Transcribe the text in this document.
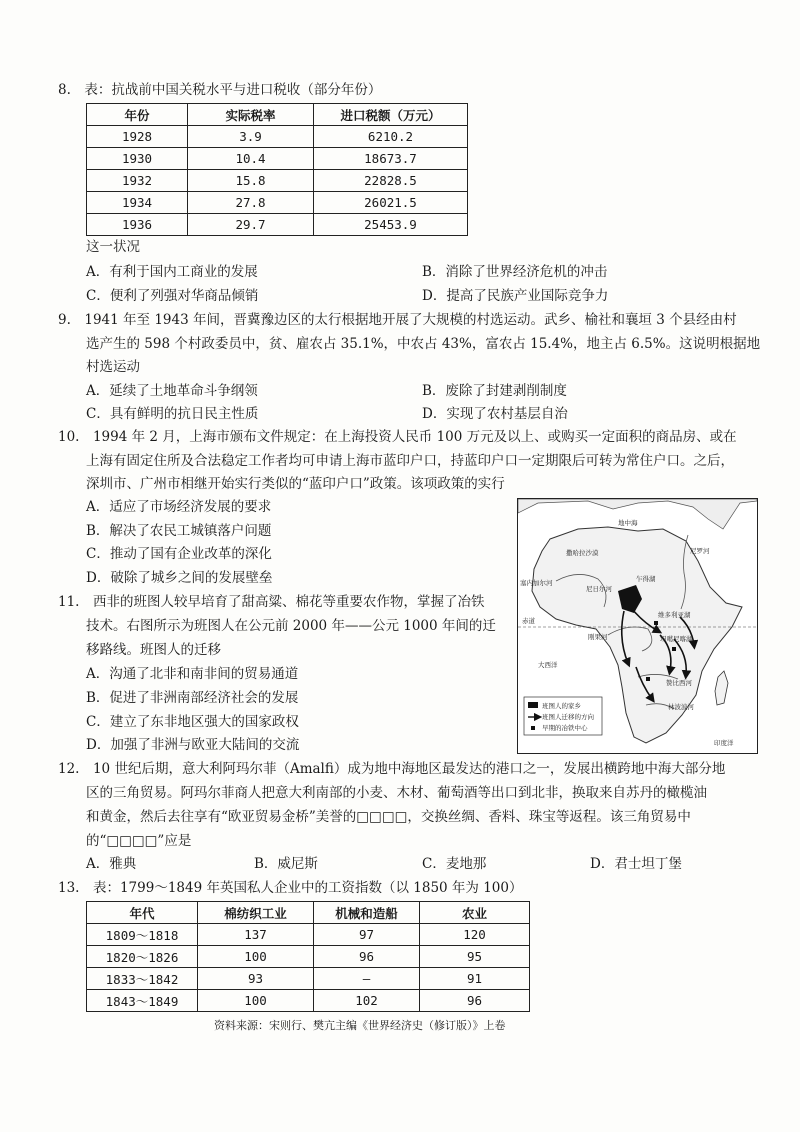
8.　表：抗战前中国关税水平与进口税收（部分年份）
年份	实际税率	进口税额（万元）
1928	3.9	6210.2
1930	10.4	18673.7
1932	15.8	22828.5
1934	27.8	26021.5
1936	29.7	25453.9
这一状况
A．有利于国内工商业的发展	B．消除了世界经济危机的冲击
C．便利了列强对华商品倾销	D．提高了民族产业国际竞争力
9.　1941 年至 1943 年间，晋冀豫边区的太行根据地开展了大规模的村选运动。武乡、榆社和襄垣 3 个县经由村
选产生的 598 个村政委员中，贫、雇农占 35.1%，中农占 43%，富农占 15.4%，地主占 6.5%。这说明根据地
村选运动
A．延续了土地革命斗争纲领	B．废除了封建剥削制度
C．具有鲜明的抗日民主性质	D．实现了农村基层自治
10.　1994 年 2 月，上海市颁布文件规定：在上海投资人民币 100 万元及以上、或购买一定面积的商品房、或在
上海有固定住所及合法稳定工作者均可申请上海市蓝印户口，持蓝印户口一定期限后可转为常住户口。之后，
深圳市、广州市相继开始实行类似的“蓝印户口”政策。该项政策的实行
A．适应了市场经济发展的要求
B．解决了农民工城镇落户问题
C．推动了国有企业改革的深化
D．破除了城乡之间的发展壁垒
11.　西非的班图人较早培育了甜高粱、棉花等重要农作物，掌握了冶铁
技术。右图所示为班图人在公元前 2000 年——公元 1000 年间的迁
移路线。班图人的迁移
A．沟通了北非和南非间的贸易通道
B．促进了非洲南部经济社会的发展
C．建立了东非地区强大的国家政权
D．加强了非洲与欧亚大陆间的交流
地中海
撒哈拉沙漠	尼罗河
塞内加尔河
尼日尔河
乍得湖
赤道
刚果河
大西洋
维多利亚湖
坦噶尼喀湖
赞比西河
林波波河
印度洋
班图人的家乡
班图人迁移的方向
早期的冶铁中心
12.　10 世纪后期，意大利阿玛尔菲（Amalfi）成为地中海地区最发达的港口之一，发展出横跨地中海大部分地
区的三角贸易。阿玛尔菲商人把意大利南部的小麦、木材、葡萄酒等出口到北非，换取来自苏丹的橄榄油
和黄金，然后去往享有“欧亚贸易金桥”美誉的□□□□，交换丝绸、香料、珠宝等返程。该三角贸易中
的“□□□□”应是
A．雅典	B．威尼斯	C．麦地那	D．君士坦丁堡
13.　表：1799～1849 年英国私人企业中的工资指数（以 1850 年为 100）
年代	棉纺织工业	机械和造船	农业
1809～1818	137	97	120
1820～1826	100	96	95
1833～1842	93	—	91
1843～1849	100	102	96
资料来源：宋则行、樊亢主编《世界经济史（修订版）》上卷
